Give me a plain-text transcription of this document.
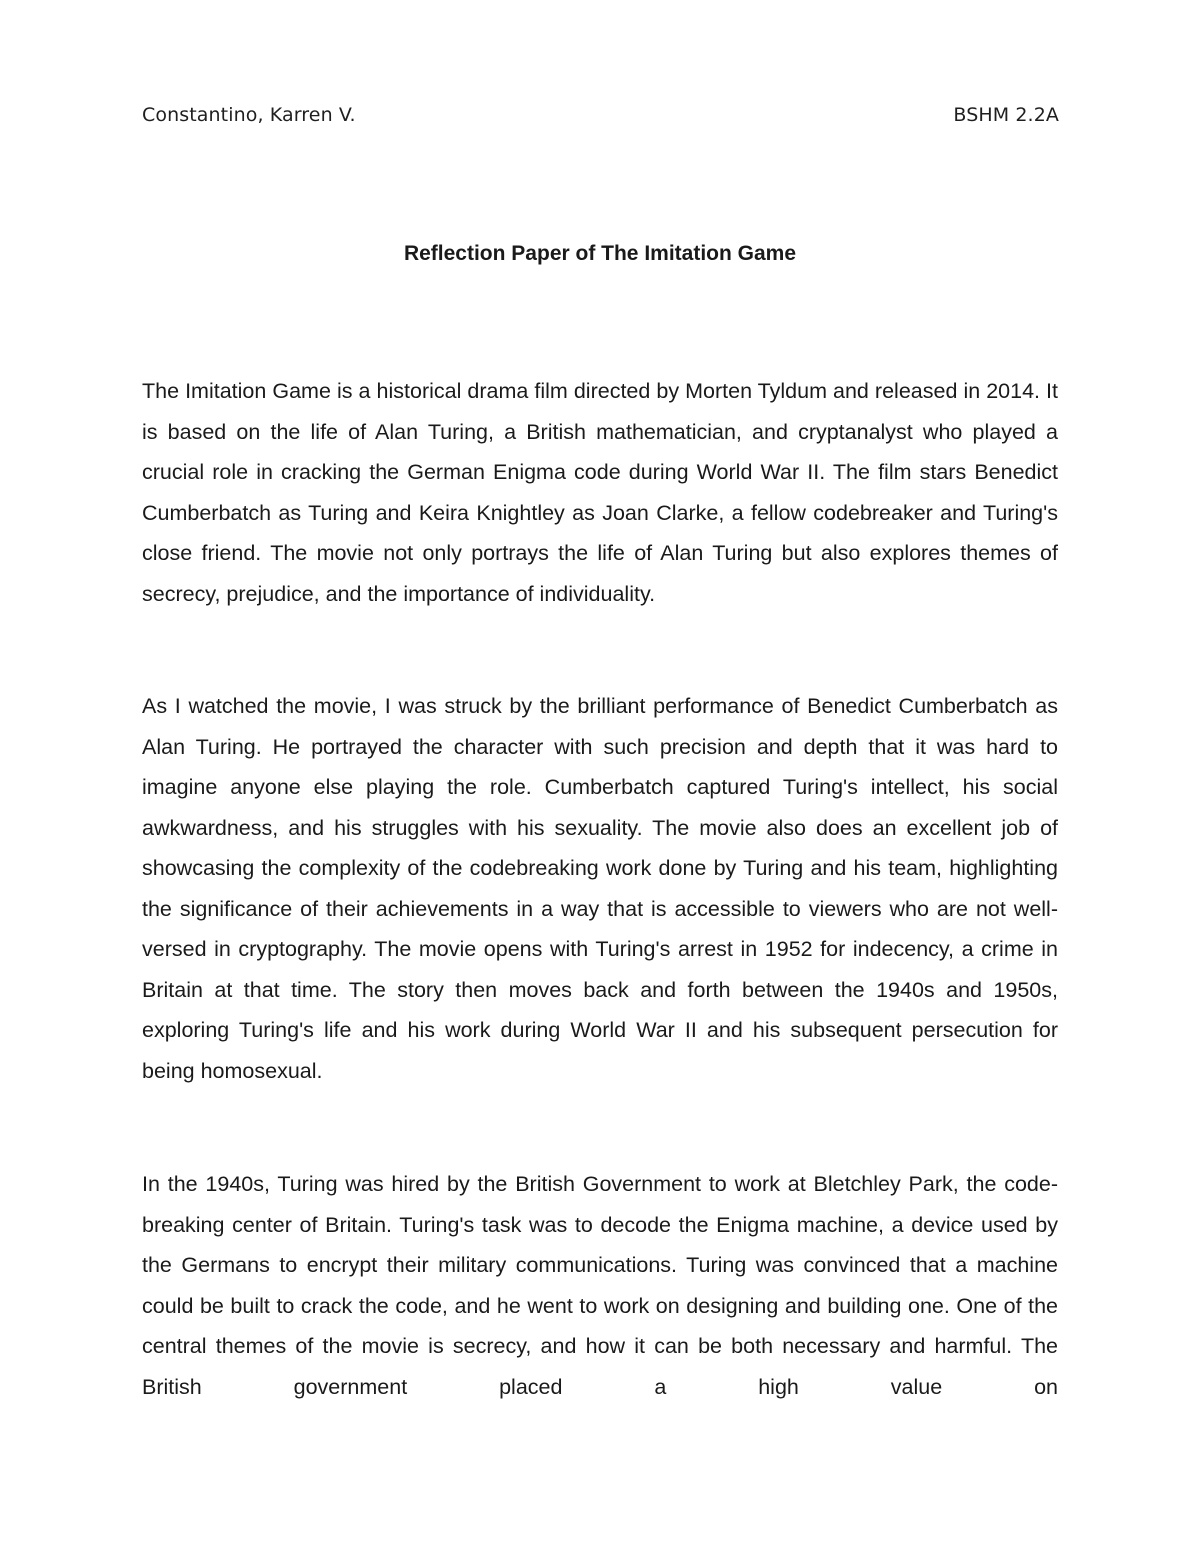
Constantino, Karren V.	BSHM 2.2A
Reflection Paper of The Imitation Game

The Imitation Game is a historical drama film directed by Morten Tyldum and released in 2014. It is based on the life of Alan Turing, a British mathematician, and cryptanalyst who played a crucial role in cracking the German Enigma code during World War II. The film stars Benedict Cumberbatch as Turing and Keira Knightley as Joan Clarke, a fellow codebreaker and Turing's close friend. The movie not only portrays the life of Alan Turing but also explores themes of secrecy, prejudice, and the importance of individuality.

As I watched the movie, I was struck by the brilliant performance of Benedict Cumberbatch as Alan Turing. He portrayed the character with such precision and depth that it was hard to imagine anyone else playing the role. Cumberbatch captured Turing's intellect, his social awkwardness, and his struggles with his sexuality. The movie also does an excellent job of showcasing the complexity of the codebreaking work done by Turing and his team, highlighting the significance of their achievements in a way that is accessible to viewers who are not well-versed in cryptography. The movie opens with Turing's arrest in 1952 for indecency, a crime in Britain at that time. The story then moves back and forth between the 1940s and 1950s, exploring Turing's life and his work during World War II and his subsequent persecution for being homosexual.

In the 1940s, Turing was hired by the British Government to work at Bletchley Park, the code-breaking center of Britain. Turing's task was to decode the Enigma machine, a device used by the Germans to encrypt their military communications. Turing was convinced that a machine could be built to crack the code, and he went to work on designing and building one. One of the central themes of the movie is secrecy, and how it can be both necessary and harmful. The British government placed a high value on
